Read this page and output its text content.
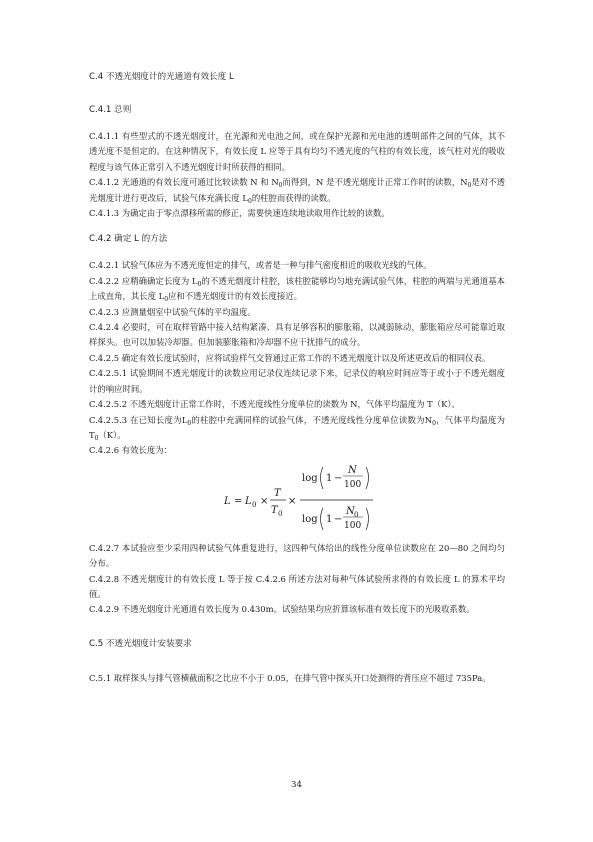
C.4 不透光烟度计的光通道有效长度 L
C.4.1 总则

C.4.1.1 有些型式的不透光烟度计，在光源和光电池之间，或在保护光源和光电池的透明部件之间的气体，其不透光度不是恒定的。在这种情况下，有效长度 L 应等于具有均匀不透光度的气柱的有效长度，该气柱对光的吸收程度与该气体正常引入不透光烟度计时所获得的相同。

C.4.1.2 光通道的有效长度可通过比较读数 N 和 $N_0$而得到，N 是不透光烟度计正常工作时的读数，$N_0$是对不透光烟度计进行更改后，试验气体充满长度 $L_0$的柱腔而获得的读数。

C.4.1.3 为确定由于零点漂移所需的修正，需要快速连续地读取用作比较的读数。

C.4.2 确定 L 的方法

C.4.2.1 试验气体应为不透光度恒定的排气，或者是一种与排气密度相近的吸收光线的气体。

C.4.2.2 应精确确定长度为 $L_0$的不透光烟度计柱腔，该柱腔能够均匀地充满试验气体，柱腔的两端与光通道基本上成直角，其长度 $L_0$应和不透光烟度计的有效长度接近。

C.4.2.3 应测量烟室中试验气体的平均温度。

C.4.2.4 必要时，可在取样管路中接入结构紧凑、具有足够容积的膨胀箱，以减弱脉动，膨胀箱应尽可能靠近取样探头。也可以加装冷却器。但加装膨胀箱和冷却器不应干扰排气的成分。

C.4.2.5 确定有效长度试验时，应将试验样气交替通过正常工作的不透光烟度计以及所述更改后的相同仪表。

C.4.2.5.1 试验期间不透光烟度计的读数应用记录仪连续记录下来，记录仪的响应时间应等于或小于不透光烟度计的响应时间。

C.4.2.5.2 不透光烟度计正常工作时，不透光度线性分度单位的读数为 N，气体平均温度为 T（K）。

C.4.2.5.3 在已知长度为$L_0$的柱腔中充满同样的试验气体，不透光度线性分度单位读数为$N_0$，气体平均温度为 $T_0(K)$。

C.4.2.6 有效长度为：

L = L 0 ×
T
T 0
×
log 1 −
N
100
log 1 −
N 0
100

C.4.2.7 本试验应至少采用四种试验气体重复进行，这四种气体给出的线性分度单位读数应在 20—80 之间均匀分布。

C.4.2.8 不透光烟度计的有效长度 L 等于按 C.4.2.6 所述方法对每种气体试验所求得的有效长度 L 的算术平均值。

C.4.2.9 不透光烟度计光通道有效长度为 0.430m。试验结果均应折算该标准有效长度下的光吸收系数。

C.5 不透光烟度计安装要求

C.5.1 取样探头与排气管横截面积之比应不小于 0.05，在排气管中探头开口处测得的背压应不超过 735Pa。

34
